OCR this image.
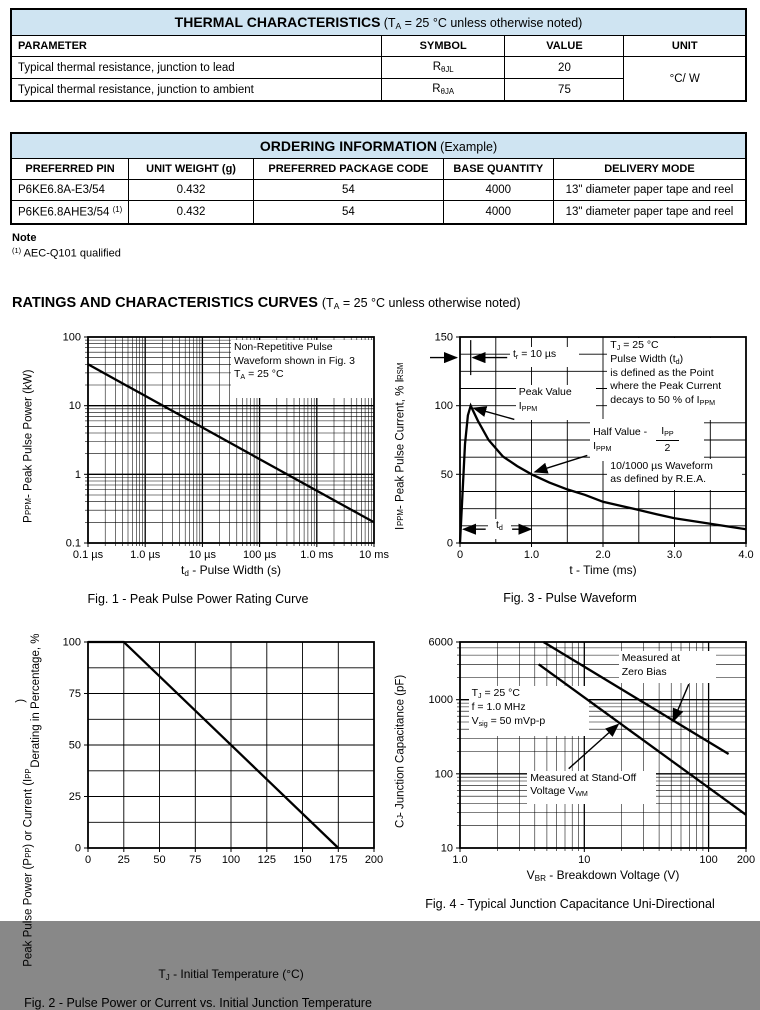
THERMAL CHARACTERISTICS ($T_A = 25$ °C unless otherwise noted)			
PARAMETER	SYMBOL	VALUE	UNIT
Typical thermal resistance, junction to lead	$R_{\theta JL}$	20	°C/ W
Typical thermal resistance, junction to ambient	$R_{\theta JA}$	75	
ORDERING INFORMATION (Example)				
PREFERRED PIN	UNIT WEIGHT (g)	PREFERRED PACKAGE CODE	BASE QUANTITY	DELIVERY MODE
P6KE6.8A-E3/54	0.432	54	4000	13" diameter paper tape and reel
P6KE6.8AHE3/54 $^{(1)}$	0.432	54	4000	13" diameter paper tape and reel
Note
$^{(1)}$ AEC-Q101 qualified
RATINGS AND CHARACTERISTICS CURVES ($T_A = 25$ °C unless otherwise noted)
P
PPM
- Peak Pulse Power (kW)
Non-Repetitive Pulse
Waveform shown in Fig. 3
$T_A = 25$ °C
0.1 µs 1.0 µs	10 µs 100 µs 1.0 ms 10 ms
0.1
1
10
100
$t_d$ - Pulse Width (s)
Fig. 1 - Peak Pulse Power Rating Curve
I
PPM
- Peak Pulse Current, % I
RSM
$T_J = 25$ °C
Pulse Width $(t_d)$
is defined as the Point
where the Peak Current
decays to 50 % of $I_{PPM}$
$t_r = 10$ µs
Peak Value
$I_{PPM}$
Half Value -
$I_{PPM}$	$\frac{I_{PP}}{2}$
10/1000 µs Waveform
as defined by R.E.A.
$t_d$
0	1.0	2.0	3.0	4.0
0
50
100
150
t - Time (ms)
Fig. 3 - Pulse Waveform
Peak Pulse Power (P
PP
) or Current (I
PP
) Derating in Percentage, %
0 25 50 75 100 125 150 175 200
0
25
50
75
100
$T_J$ - Initial Temperature (°C)
Fig. 2 - Pulse Power or Current vs. Initial Junction Temperature
C
J
- Junction Capacitance (pF)	$T_J = 25$ °C
f = 1.0 MHz
$V_{sig} = 50$ mVp-p
Measured at
Zero Bias
Measured at Stand-Off
Voltage $V_{WM}$
1.0	10	100 200
10
100
1000
6000
$V_{BR}$ - Breakdown Voltage (V)
Fig. 4 - Typical Junction Capacitance Uni-Directional
